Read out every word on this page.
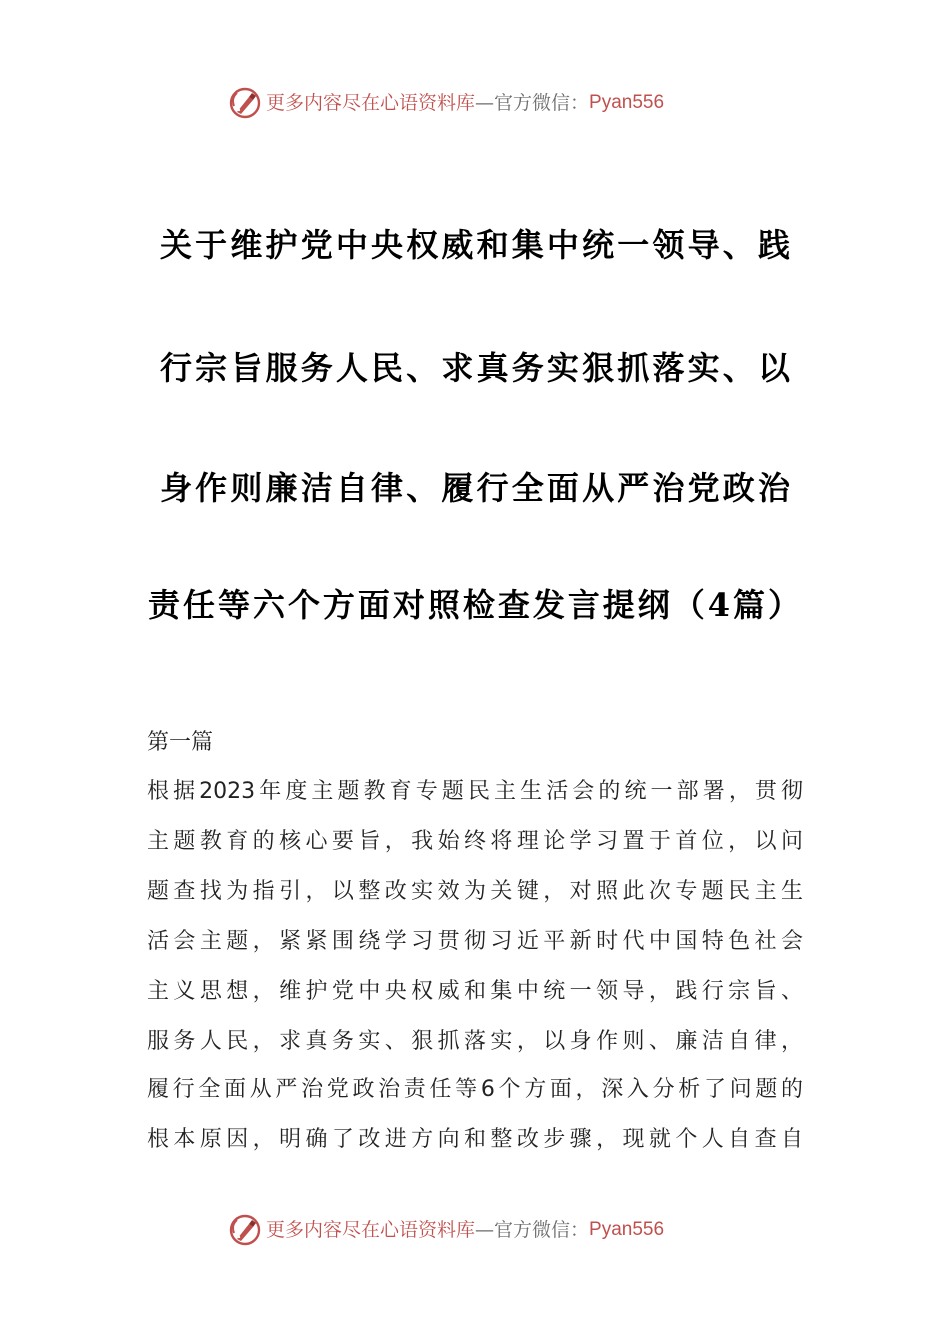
更多内容尽在心语资料库 —官方微信： Pyan556
关于维护党中央权威和集中统一领导、践
行宗旨服务人民、求真务实狠抓落实、以
身作则廉洁自律、履行全面从严治党政治
责任等六个方面对照检查发言提纲（4篇）
第一篇
根据2023年度主题教育专题民主生活会的统一部署，贯彻
主题教育的核心要旨，我始终将理论学习置于首位，以问
题查找为指引，以整改实效为关键，对照此次专题民主生
活会主题，紧紧围绕学习贯彻习近平新时代中国特色社会
主义思想，维护党中央权威和集中统一领导，践行宗旨、
服务人民，求真务实、狠抓落实，以身作则、廉洁自律，
履行全面从严治党政治责任等6个方面，深入分析了问题的
根本原因，明确了改进方向和整改步骤，现就个人自查自
更多内容尽在心语资料库 —官方微信： Pyan556
